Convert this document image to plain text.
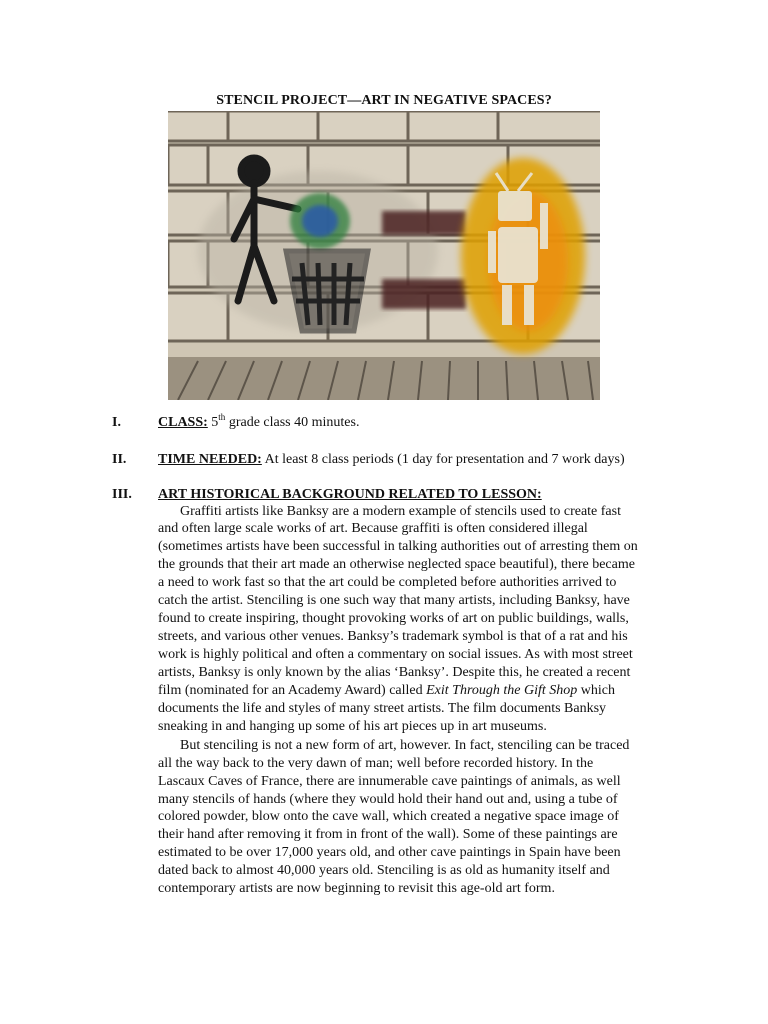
STENCIL PROJECT—ART IN NEGATIVE SPACES?
I.	CLASS: 5th grade class 40 minutes.
II. TIME NEEDED: At least 8 class periods (1 day for presentation and 7 work days)
III. ART HISTORICAL BACKGROUND RELATED TO LESSON:
Graffiti artists like Banksy are a modern example of stencils used to create fast
and often large scale works of art. Because graffiti is often considered illegal
(sometimes artists have been successful in talking authorities out of arresting them on
the grounds that their art made an otherwise neglected space beautiful), there became
a need to work fast so that the art could be completed before authorities arrived to
catch the artist. Stenciling is one such way that many artists, including Banksy, have
found to create inspiring, thought provoking works of art on public buildings, walls,
streets, and various other venues. Banksy’s trademark symbol is that of a rat and his
work is highly political and often a commentary on social issues. As with most street
artists, Banksy is only known by the alias ‘Banksy’. Despite this, he created a recent
film (nominated for an Academy Award) called Exit Through the Gift Shop which
documents the life and styles of many street artists. The film documents Banksy
sneaking in and hanging up some of his art pieces up in art museums.
But stenciling is not a new form of art, however. In fact, stenciling can be traced
all the way back to the very dawn of man; well before recorded history. In the
Lascaux Caves of France, there are innumerable cave paintings of animals, as well
many stencils of hands (where they would hold their hand out and, using a tube of
colored powder, blow onto the cave wall, which created a negative space image of
their hand after removing it from in front of the wall). Some of these paintings are
estimated to be over 17,000 years old, and other cave paintings in Spain have been
dated back to almost 40,000 years old. Stenciling is as old as humanity itself and
contemporary artists are now beginning to revisit this age-old art form.
